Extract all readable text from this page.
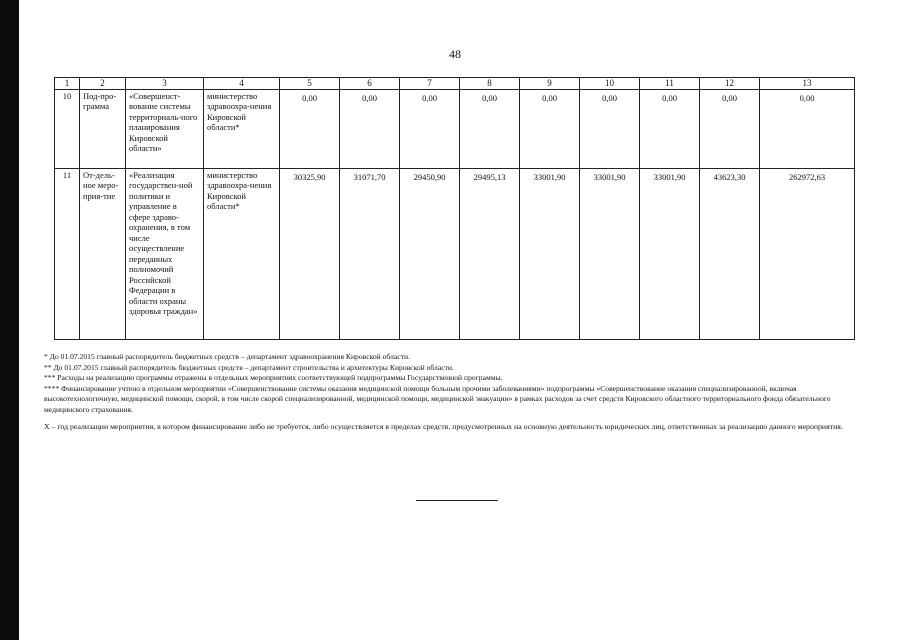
48
1	2	3	4	5	6	7	8	9	10	11	12	13
10	Под-про-грамма	«Совершенст-вование системы территориаль-ного планирования Кировской области»	министерство здравоохра-нения Кировской области*	0,00	0,00	0,00	0,00	0,00	0,00	0,00	0,00	0,00
11	От-дель-ное меро-прия-тие	«Реализация государствен-ной политики и управление в сфере здраво-охранения, в том числе осуществление переданных полномочий Российской Федерации в области охраны здоровья граждан»	министерство здравоохра-нения Кировской области*	30325,90	31071,70	29450,90	29495,13	33001,90	33001,90	33001,90	43623,30	262972,63

* До 01.07.2015 главный распорядитель бюджетных средств – департамент здравоохранения Кировской области.

** До 01.07.2015 главный распорядитель бюджетных средств – департамент строительства и архитектуры Кировской области.

*** Расходы на реализацию программы отражены в отдельных мероприятиях соответствующей подпрограммы Государственной программы.

**** Финансирование учтено в отдельном мероприятии «Совершенствование системы оказания медицинской помощи больным прочими заболеваниями» подпрограммы «Совершенствование оказания специализированной, включая высокотехнологичную, медицинской помощи, скорой, в том числе скорой специализированной, медицинской помощи, медицинской эвакуации» в рамках расходов за счет средств Кировского областного территориального фонда обязательного медицинского страхования.

X – год реализации мероприятия, в котором финансирование либо не требуется, либо осуществляется в пределах средств, предусмотренных на основную деятельность юридических лиц, ответственных за реализацию данного мероприятия.
